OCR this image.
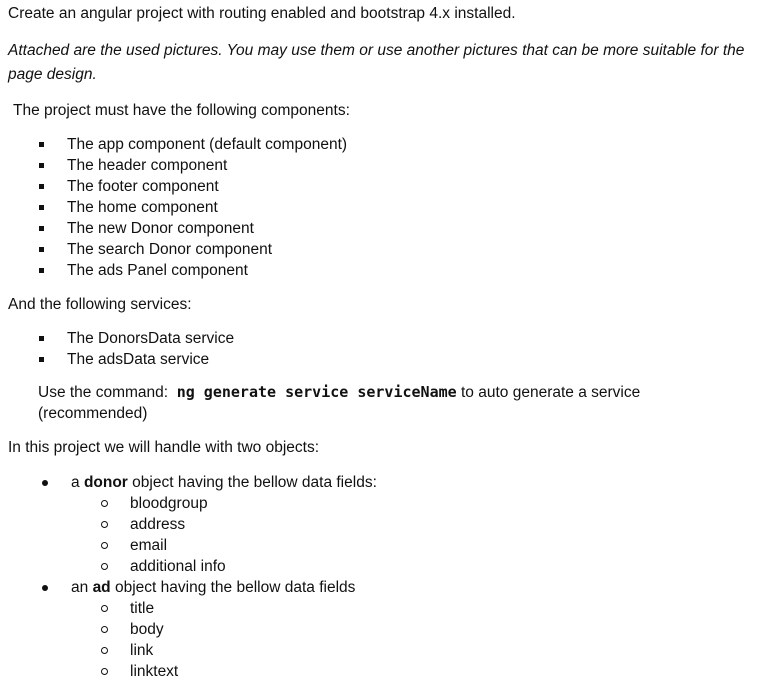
Create an angular project with routing enabled and bootstrap 4.x installed.

Attached are the used pictures. You may use them or use another pictures that can be more suitable for the page design.

The project must have the following components:

The app component (default component)
The header component
The footer component
The home component
The new Donor component
The search Donor component
The ads Panel component

And the following services:

The DonorsData service
The adsData service

Use the command: ng generate service serviceName to auto generate a service (recommended)

In this project we will handle with two objects:

a donor object having the bellow data fields:
bloodgroup
address
email
additional info
an ad object having the bellow data fields
title
body
link
linktext
